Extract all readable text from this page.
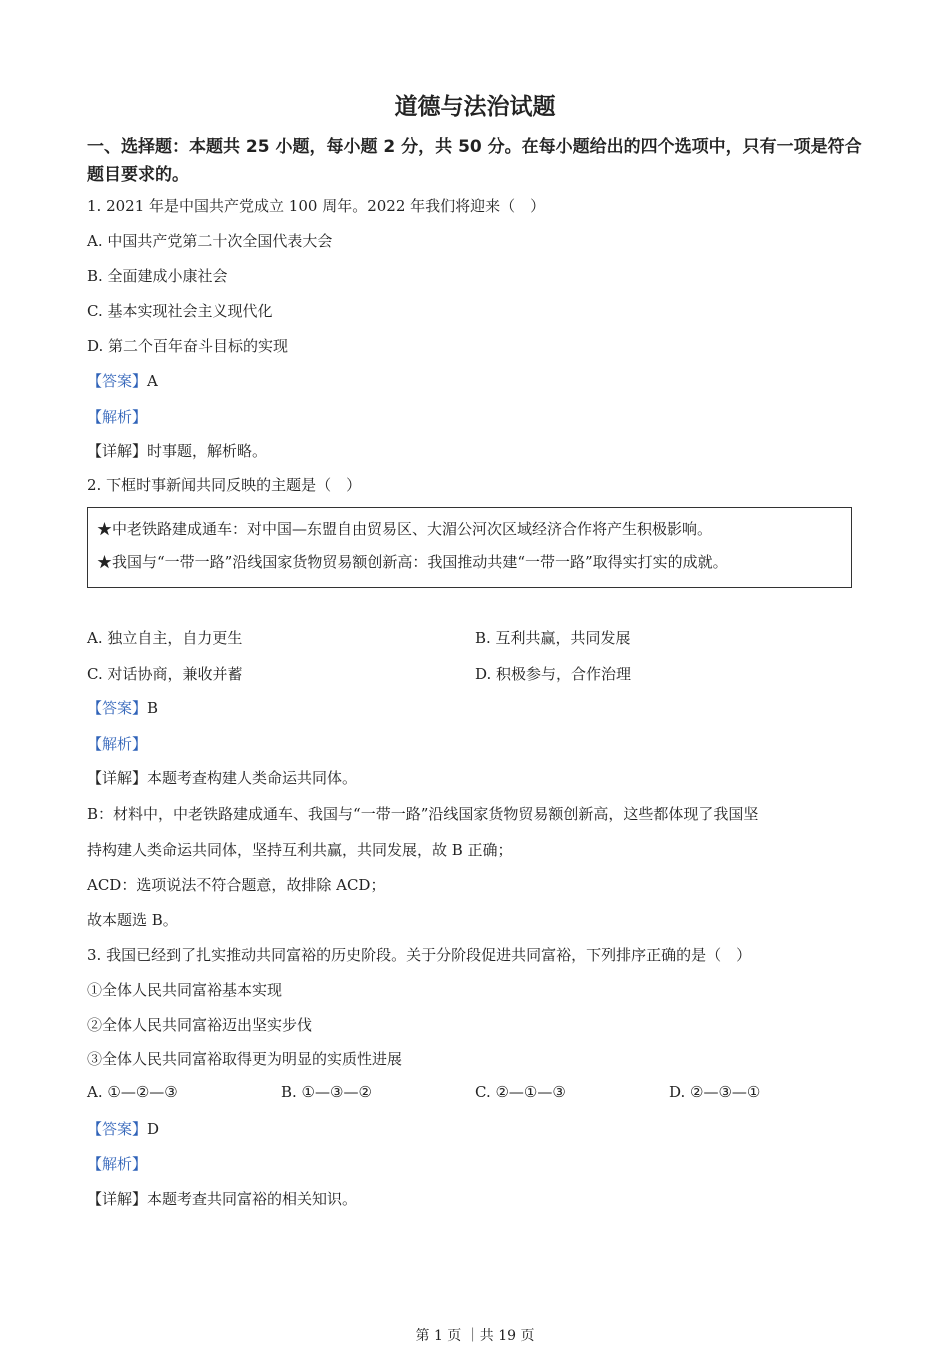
道德与法治试题
一、选择题：本题共 25 小题，每小题 2 分，共 50 分。在每小题给出的四个选项中，只有一项是符合题目要求的。
1. 2021 年是中国共产党成立 100 周年。2022 年我们将迎来（　）
A. 中国共产党第二十次全国代表大会
B. 全面建成小康社会
C. 基本实现社会主义现代化
D. 第二个百年奋斗目标的实现
【答案】A
【解析】
【详解】时事题，解析略。
2. 下框时事新闻共同反映的主题是（　）
★中老铁路建成通车：对中国—东盟自由贸易区、大湄公河次区域经济合作将产生积极影响。
★我国与“一带一路”沿线国家货物贸易额创新高：我国推动共建“一带一路”取得实打实的成就。
A. 独立自主，自力更生	B. 互利共赢，共同发展
C. 对话协商，兼收并蓄	D. 积极参与，合作治理
【答案】B
【解析】
【详解】本题考查构建人类命运共同体。
B：材料中，中老铁路建成通车、我国与“一带一路”沿线国家货物贸易额创新高，这些都体现了我国坚
持构建人类命运共同体，坚持互利共赢，共同发展，故 B 正确；
ACD：选项说法不符合题意，故排除 ACD；
故本题选 B。
3. 我国已经到了扎实推动共同富裕的历史阶段。关于分阶段促进共同富裕，下列排序正确的是（　）
①全体人民共同富裕基本实现
②全体人民共同富裕迈出坚实步伐
③全体人民共同富裕取得更为明显的实质性进展
A. ①—②—③	B. ①—③—②	C. ②—①—③	D. ②—③—①
【答案】D
【解析】
【详解】本题考查共同富裕的相关知识。
第 1 页 ｜共 19 页
